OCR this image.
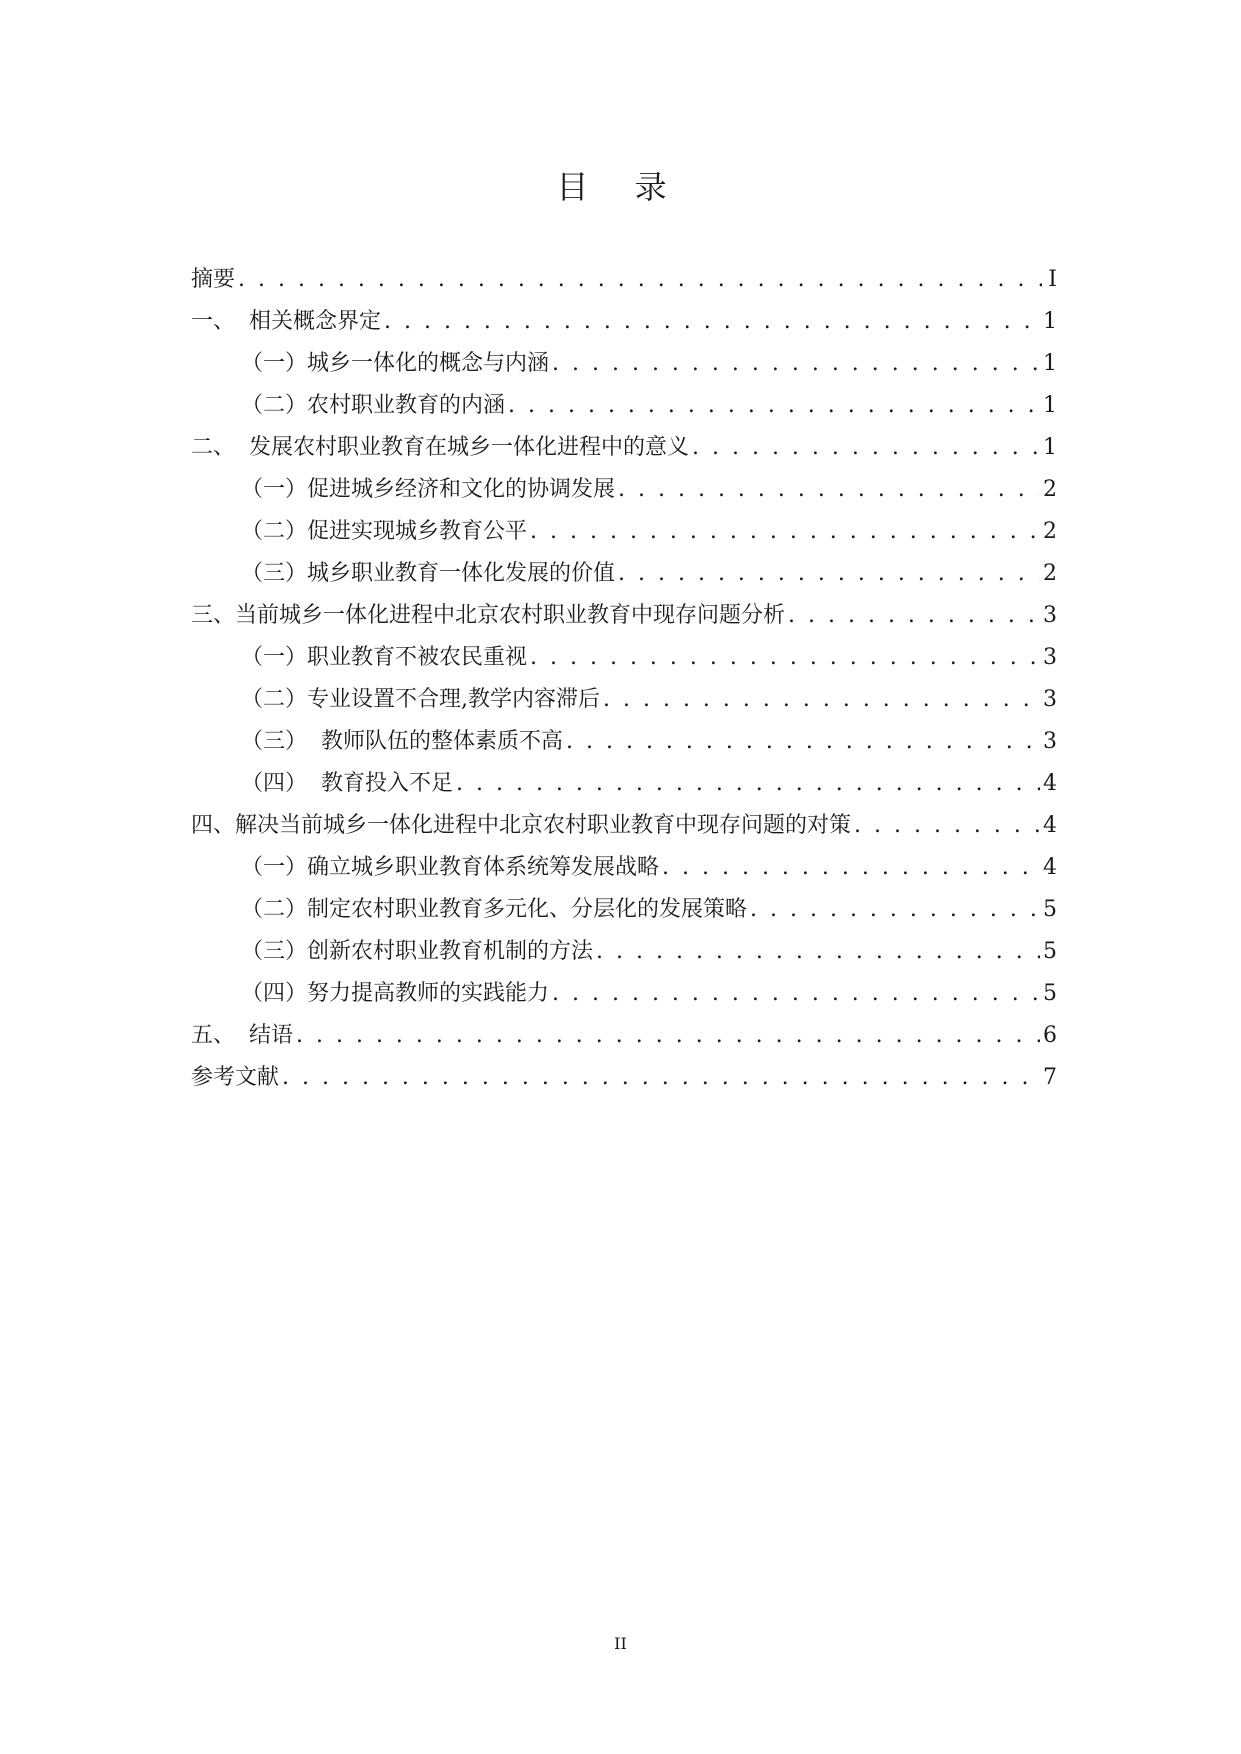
目 录
摘要 . . .	I
一、  相关概念界定 . . .	1
（一）城乡一体化的概念与内涵 . . .	1
（二）农村职业教育的内涵 . . .	1
二、  发展农村职业教育在城乡一体化进程中的意义 . . .	1
（一）促进城乡经济和文化的协调发展 . . .	2
（二）促进实现城乡教育公平 . . .	2
（三）城乡职业教育一体化发展的价值 . . .	2
三、当前城乡一体化进程中北京农村职业教育中现存问题分析 . . .	3
（一）职业教育不被农民重视 . . .	3
（二）专业设置不合理,教学内容滞后 . . .	3
（三）  教师队伍的整体素质不高 . . .	3
（四）  教育投入不足 . . .	4
四、解决当前城乡一体化进程中北京农村职业教育中现存问题的对策 . . .	4
（一）确立城乡职业教育体系统筹发展战略 . . .	4
（二）制定农村职业教育多元化、分层化的发展策略 . . .	5
（三）创新农村职业教育机制的方法 . . .	5
（四）努力提高教师的实践能力 . . .	5
五、  结语 . . .	6
参考文献 . . .	7
II
